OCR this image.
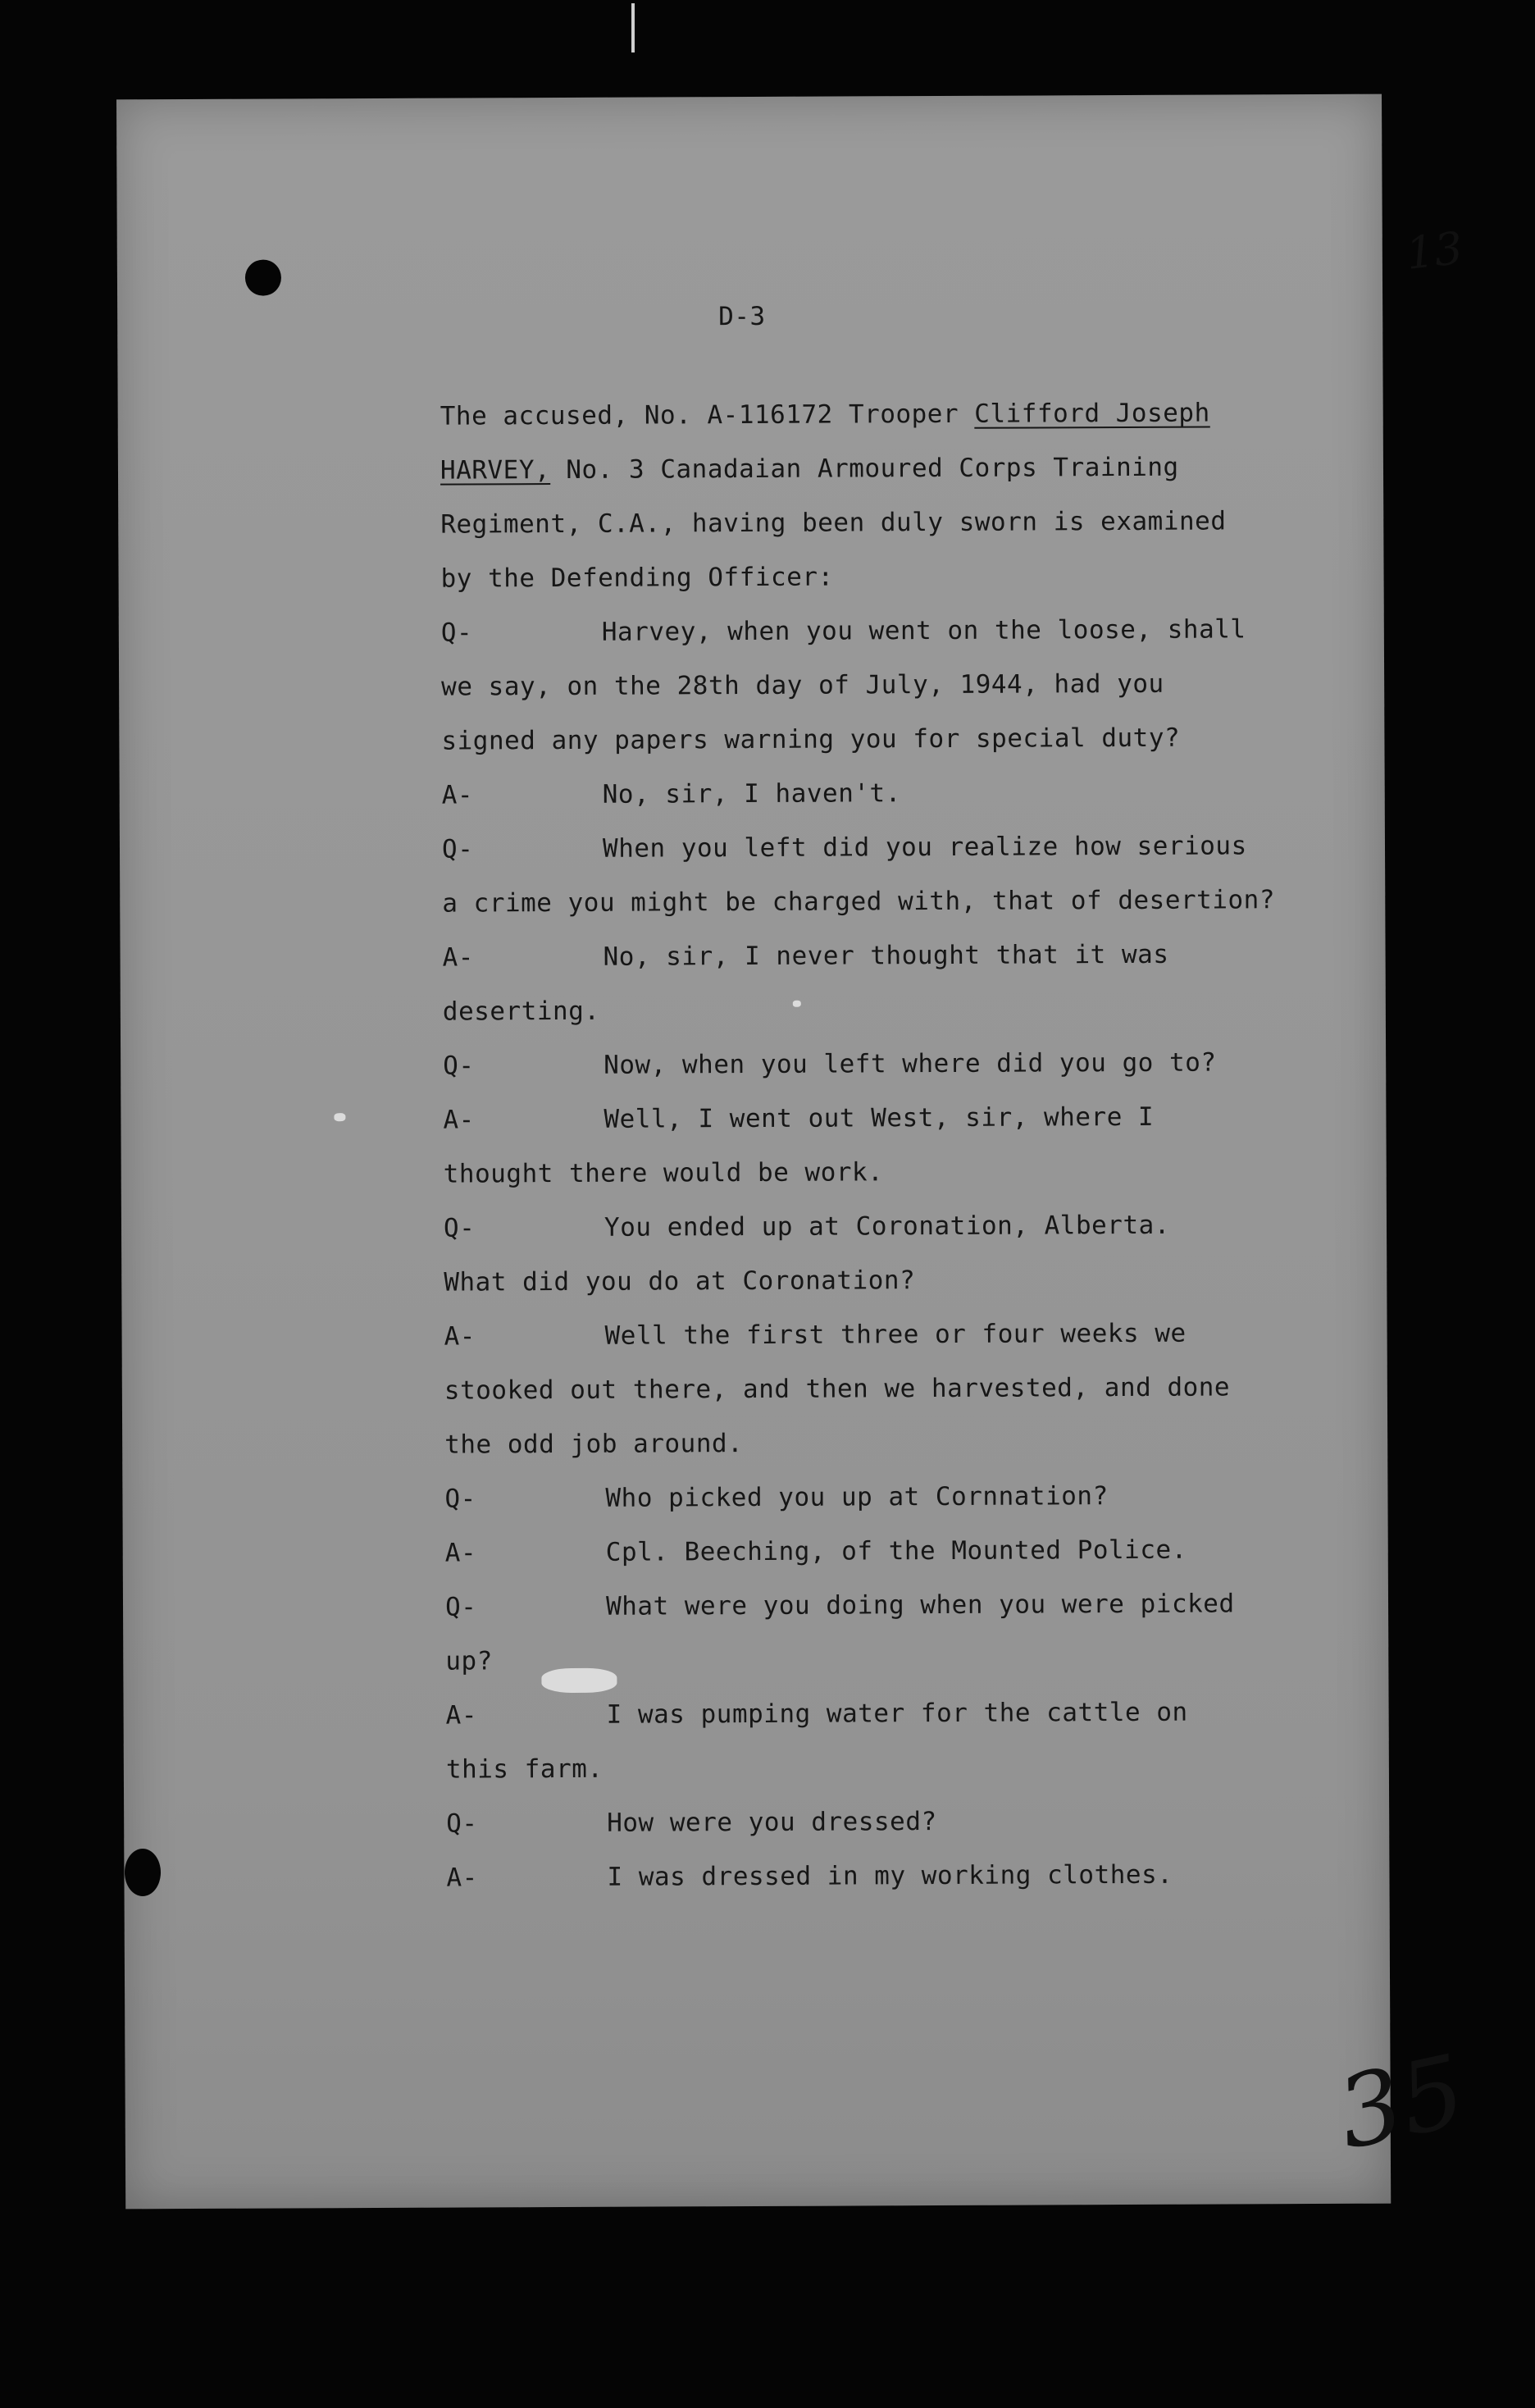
13
D-3
The accused, No. A-116172 Trooper Clifford Joseph
HARVEY, No. 3 Canadaian Armoured Corps Training
Regiment, C.A., having been duly sworn is examined
by the Defending Officer:
Q-	Harvey, when you went on the loose, shall
we say, on the 28th day of July, 1944, had you
signed any papers warning you for special duty?
A-	No, sir, I haven't.
Q-	When you left did you realize how serious
a crime you might be charged with, that of desertion?
A-	No, sir, I never thought that it was
deserting.
Q-	Now, when you left where did you go to?
A-	Well, I went out West, sir, where I
thought there would be work.
Q-	You ended up at Coronation, Alberta.
What did you do at Coronation?
A-	Well the first three or four weeks we
stooked out there, and then we harvested, and done
the odd job around.
Q-	Who picked you up at Cornnation?
A-	Cpl. Beeching, of the Mounted Police.
Q-	What were you doing when you were picked
up?
A-	I was pumping water for the cattle on
this farm.
Q-	How were you dressed?
A-	I was dressed in my working clothes.
35
